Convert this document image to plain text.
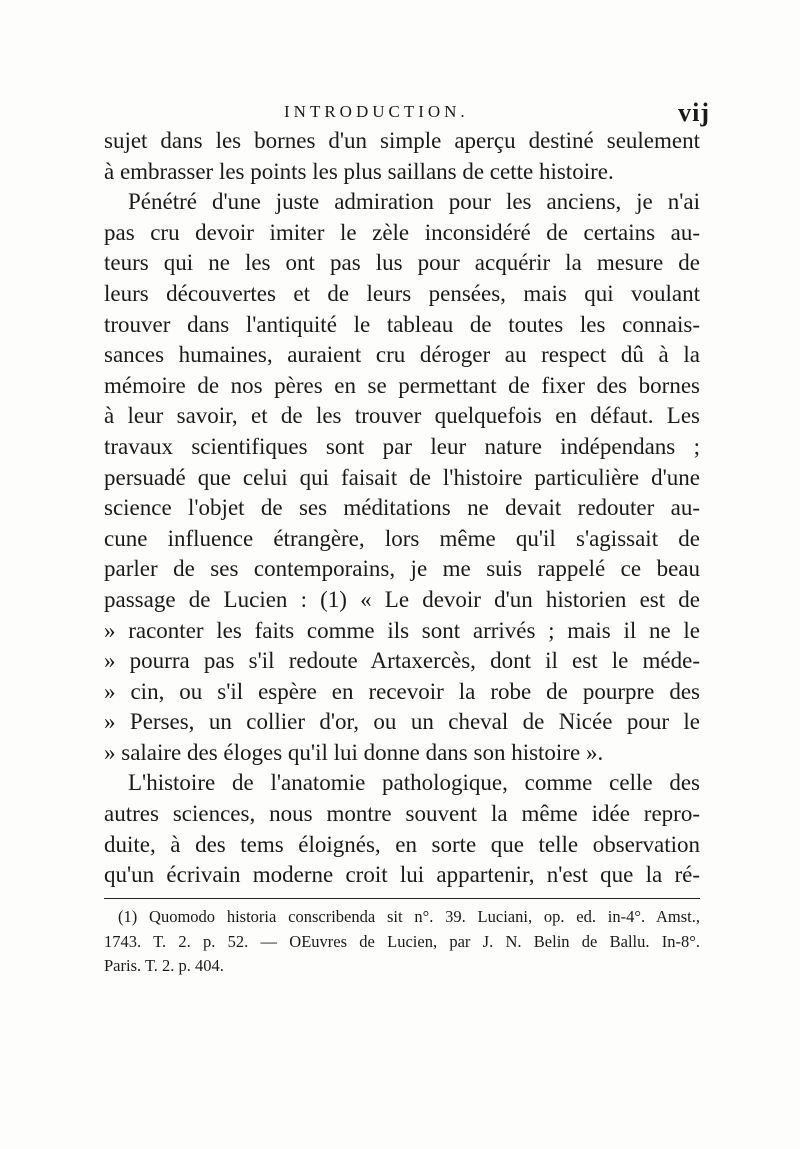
INTRODUCTION.	vij
sujet dans les bornes d'un simple aperçu destiné seulement
à embrasser les points les plus saillans de cette histoire.
Pénétré d'une juste admiration pour les anciens, je n'ai
pas cru devoir imiter le zèle inconsidéré de certains au-
teurs qui ne les ont pas lus pour acquérir la mesure de
leurs découvertes et de leurs pensées, mais qui voulant
trouver dans l'antiquité le tableau de toutes les connais-
sances humaines, auraient cru déroger au respect dû à la
mémoire de nos pères en se permettant de fixer des bornes
à leur savoir, et de les trouver quelquefois en défaut. Les
travaux scientifiques sont par leur nature indépendans ;
persuadé que celui qui faisait de l'histoire particulière d'une
science l'objet de ses méditations ne devait redouter au-
cune influence étrangère, lors même qu'il s'agissait de
parler de ses contemporains, je me suis rappelé ce beau
passage de Lucien : (1) « Le devoir d'un historien est de
» raconter les faits comme ils sont arrivés ; mais il ne le
» pourra pas s'il redoute Artaxercès, dont il est le méde-
» cin, ou s'il espère en recevoir la robe de pourpre des
» Perses, un collier d'or, ou un cheval de Nicée pour le
» salaire des éloges qu'il lui donne dans son histoire ».
L'histoire de l'anatomie pathologique, comme celle des
autres sciences, nous montre souvent la même idée repro-
duite, à des tems éloignés, en sorte que telle observation
qu'un écrivain moderne croit lui appartenir, n'est que la ré-
(1) Quomodo historia conscribenda sit n°. 39. Luciani, op. ed. in-4°. Amst.,
1743. T. 2. p. 52. — OEuvres de Lucien, par J. N. Belin de Ballu. In-8°.
Paris. T. 2. p. 404.
